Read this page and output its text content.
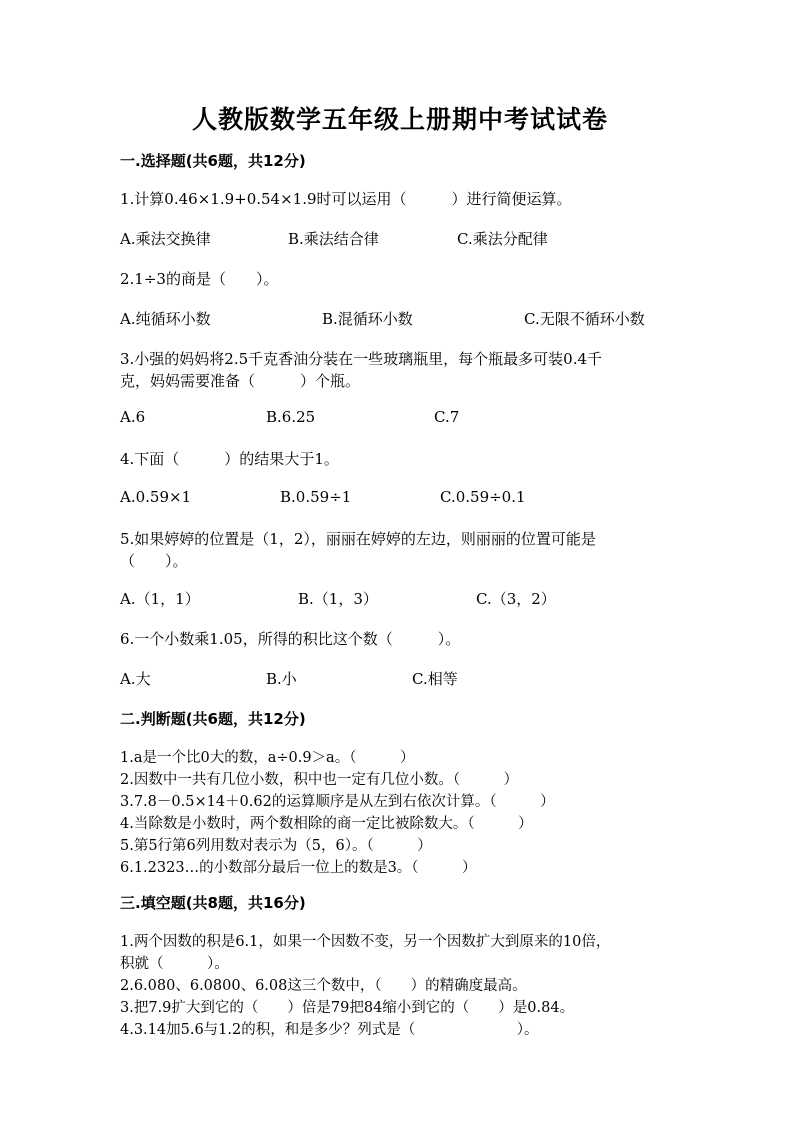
人教版数学五年级上册期中考试试卷
一.选择题(共6题，共12分)
1.计算0.46×1.9+0.54×1.9时可以运用（　　　）进行简便运算。
A.乘法交换律	B.乘法结合律	C.乘法分配律
2.1÷3的商是（　　）。
A.纯循环小数	B.混循环小数	C.无限不循环小数
3.小强的妈妈将2.5千克香油分装在一些玻璃瓶里，每个瓶最多可装0.4千
克，妈妈需要准备（　　　）个瓶。
A.6	B.6.25	C.7
4.下面（　　　）的结果大于1。
A.0.59×1	B.0.59÷1	C.0.59÷0.1
5.如果婷婷的位置是（1，2），丽丽在婷婷的左边，则丽丽的位置可能是
（　　）。
A.（1，1）	B.（1，3）	C.（3，2）
6.一个小数乘1.05，所得的积比这个数（　　　）。
A.大	B.小	C.相等
二.判断题(共6题，共12分)
1.a是一个比0大的数，a÷0.9＞a。（　　　）
2.因数中一共有几位小数，积中也一定有几位小数。（　　　）
3.7.8－0.5×14＋0.62的运算顺序是从左到右依次计算。（　　　）
4.当除数是小数时，两个数相除的商一定比被除数大。（　　　）
5.第5行第6列用数对表示为（5，6）。（　　　）
6.1.2323…的小数部分最后一位上的数是3。（　　　）
三.填空题(共8题，共16分)
1.两个因数的积是6.1，如果一个因数不变，另一个因数扩大到原来的10倍，
积就（　　　）。
2.6.080、6.0800、6.08这三个数中，（　　）的精确度最高。
3.把7.9扩大到它的（　　）倍是79把84缩小到它的（　　）是0.84。
4.3.14加5.6与1.2的积，和是多少？列式是（　　　　　　　）。
